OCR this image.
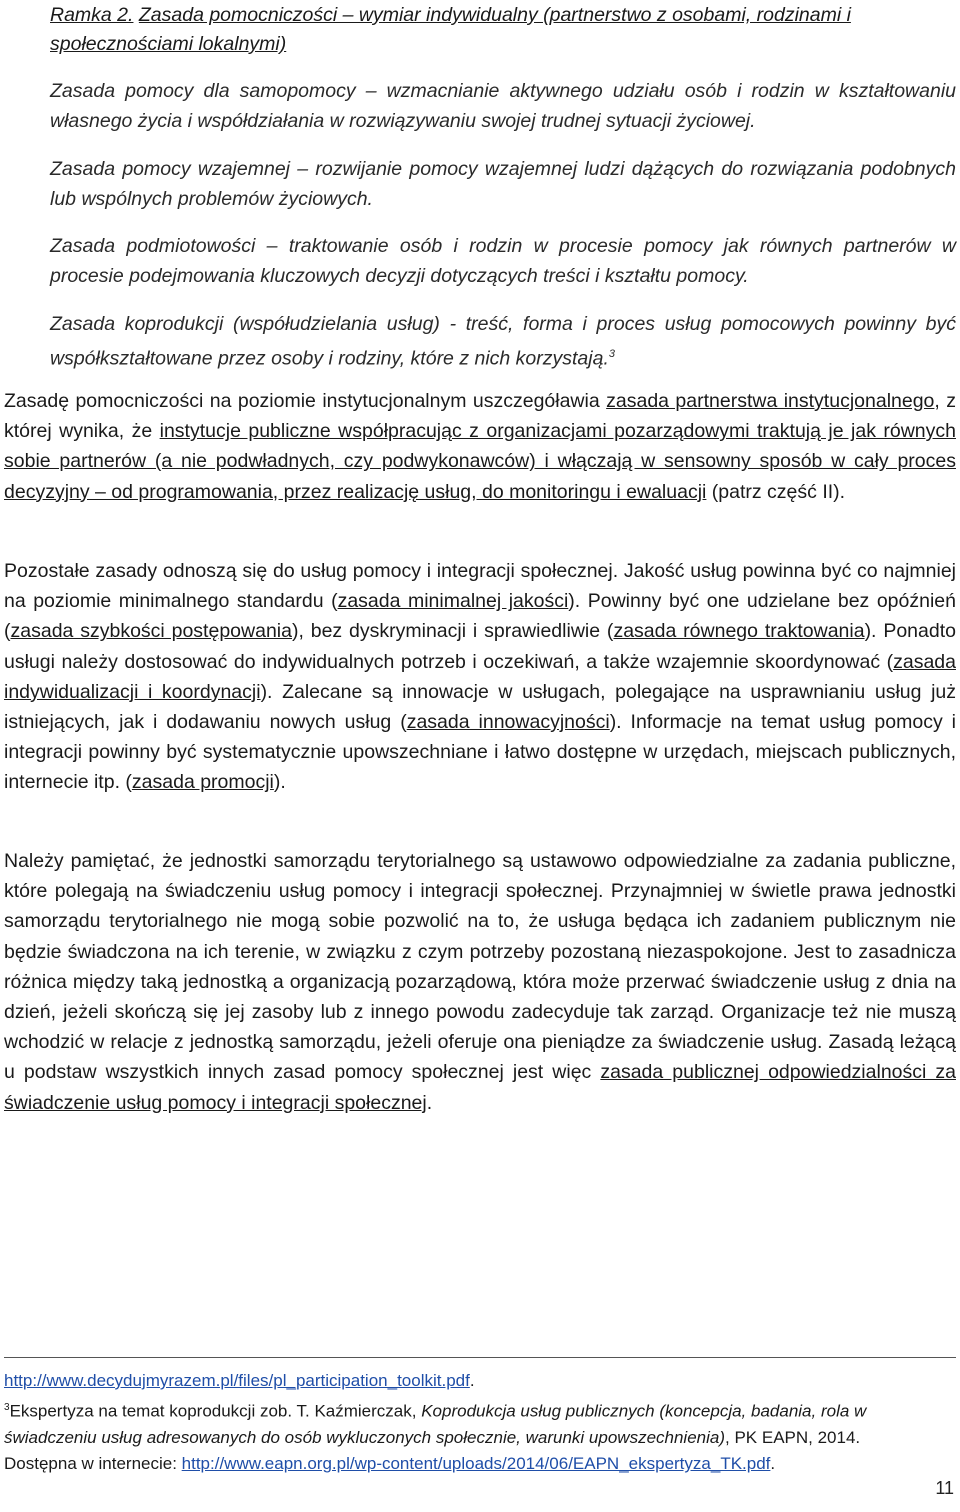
Ramka 2. Zasada pomocniczości – wymiar indywidualny (partnerstwo z osobami, rodzinami i społecznościami lokalnymi)

Zasada pomocy dla samopomocy – wzmacnianie aktywnego udziału osób i rodzin w kształtowaniu własnego życia i współdziałania w rozwiązywaniu swojej trudnej sytuacji życiowej.

Zasada pomocy wzajemnej – rozwijanie pomocy wzajemnej ludzi dążących do rozwiązania podobnych lub wspólnych problemów życiowych.

Zasada podmiotowości – traktowanie osób i rodzin w procesie pomocy jak równych partnerów w procesie podejmowania kluczowych decyzji dotyczących treści i kształtu pomocy.

Zasada koprodukcji (współudzielania usług) - treść, forma i proces usług pomocowych powinny być współkształtowane przez osoby i rodziny, które z nich korzystają.$^3$

Zasadę pomocniczości na poziomie instytucjonalnym uszczegóławia zasada partnerstwa instytucjonalnego, z której wynika, że instytucje publiczne współpracując z organizacjami pozarządowymi traktują je jak równych sobie partnerów (a nie podwładnych, czy podwykonawców) i włączają w sensowny sposób w cały proces decyzyjny – od programowania, przez realizację usług, do monitoringu i ewaluacji (patrz część II).

Pozostałe zasady odnoszą się do usług pomocy i integracji społecznej. Jakość usług powinna być co najmniej na poziomie minimalnego standardu (zasada minimalnej jakości). Powinny być one udzielane bez opóźnień (zasada szybkości postępowania), bez dyskryminacji i sprawiedliwie (zasada równego traktowania). Ponadto usługi należy dostosować do indywidualnych potrzeb i oczekiwań, a także wzajemnie skoordynować (zasada indywidualizacji i koordynacji). Zalecane są innowacje w usługach, polegające na usprawnianiu usług już istniejących, jak i dodawaniu nowych usług (zasada innowacyjności). Informacje na temat usług pomocy i integracji powinny być systematycznie upowszechniane i łatwo dostępne w urzędach, miejscach publicznych, internecie itp. (zasada promocji).

Należy pamiętać, że jednostki samorządu terytorialnego są ustawowo odpowiedzialne za zadania publiczne, które polegają na świadczeniu usług pomocy i integracji społecznej. Przynajmniej w świetle prawa jednostki samorządu terytorialnego nie mogą sobie pozwolić na to, że usługa będąca ich zadaniem publicznym nie będzie świadczona na ich terenie, w związku z czym potrzeby pozostaną niezaspokojone. Jest to zasadnicza różnica między taką jednostką a organizacją pozarządową, która może przerwać świadczenie usług z dnia na dzień, jeżeli skończą się jej zasoby lub z innego powodu zadecyduje tak zarząd. Organizacje też nie muszą wchodzić w relacje z jednostką samorządu, jeżeli oferuje ona pieniądze za świadczenie usług. Zasadą leżącą u podstaw wszystkich innych zasad pomocy społecznej jest więc zasada publicznej odpowiedzialności za świadczenie usług pomocy i integracji społecznej.

http://www.decydujmyrazem.pl/files/pl_participation_toolkit.pdf.

$^3$Ekspertyza na temat koprodukcji zob. T. Kaźmierczak, Koprodukcja usług publicznych (koncepcja, badania, rola w świadczeniu usług adresowanych do osób wykluczonych społecznie, warunki upowszechnienia), PK EAPN, 2014.

Dostępna w internecie: http://www.eapn.org.pl/wp-content/uploads/2014/06/EAPN_ekspertyza_TK.pdf.

11
